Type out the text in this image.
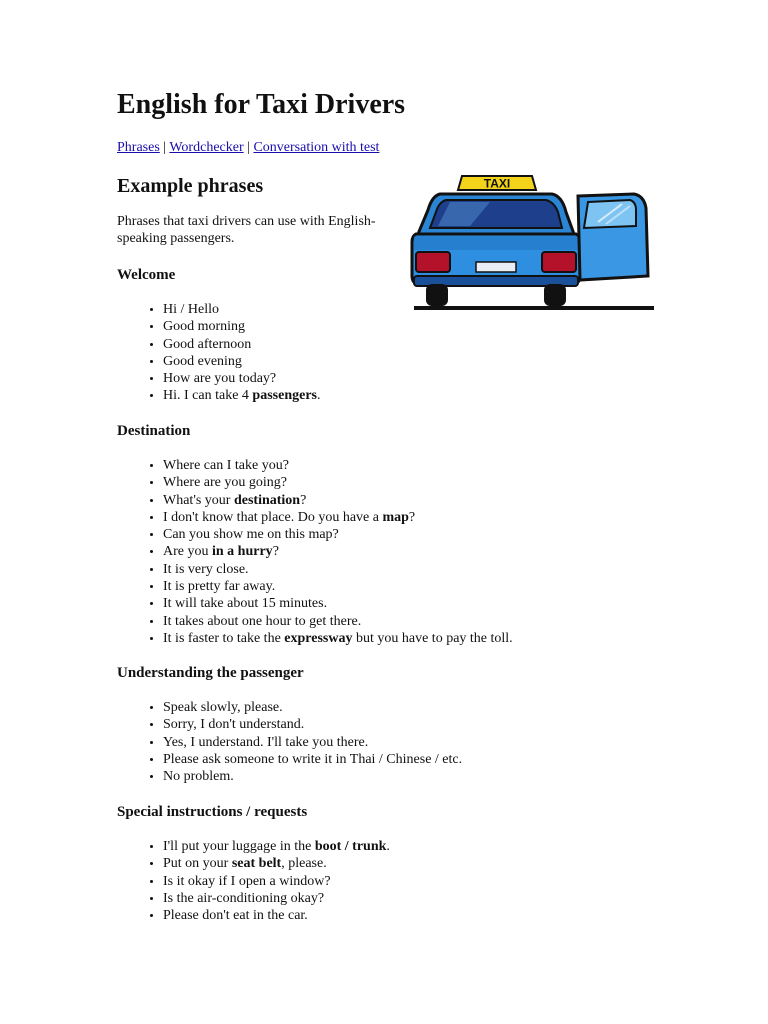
English for Taxi Drivers
Phrases | Wordchecker | Conversation with test
Example phrases

Phrases that taxi drivers can use with English-speaking passengers.

Welcome
• Hi / Hello
• Good morning
• Good afternoon
• Good evening
• How are you today?
• Hi. I can take 4 passengers.
Destination
• Where can I take you?
• Where are you going?
• What's your destination?
• I don't know that place. Do you have a map?
• Can you show me on this map?
• Are you in a hurry?
• It is very close.
• It is pretty far away.
• It will take about 15 minutes.
• It takes about one hour to get there.
• It is faster to take the expressway but you have to pay the toll.
Understanding the passenger
• Speak slowly, please.
• Sorry, I don't understand.
• Yes, I understand. I'll take you there.
• Please ask someone to write it in Thai / Chinese / etc.
• No problem.
Special instructions / requests
• I'll put your luggage in the boot / trunk.
• Put on your seat belt, please.
• Is it okay if I open a window?
• Is the air-conditioning okay?
• Please don't eat in the car.
TAXI
